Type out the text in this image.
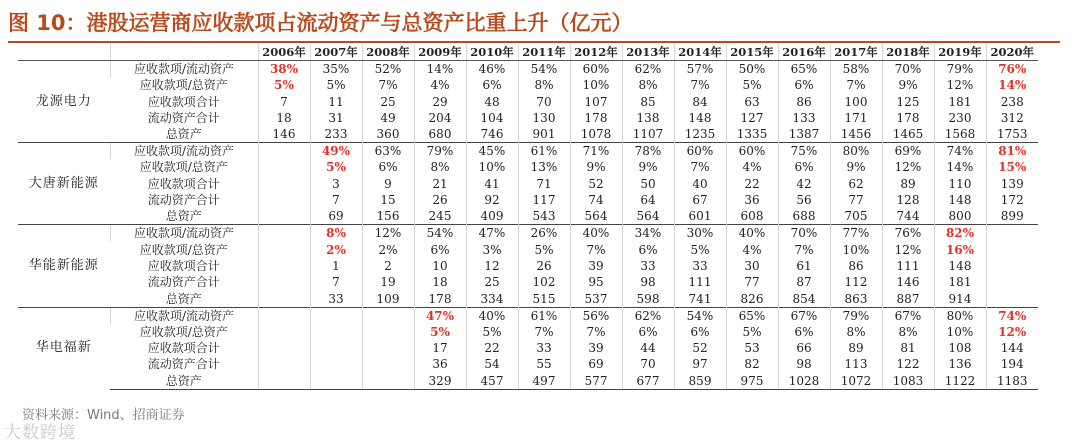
图 10：港股运营商应收款项占流动资产与总资产比重上升（亿元）
		2006年	2007年	2008年	2009年	2010年	2011年	2012年	2013年	2014年	2015年	2016年	2017年	2018年	2019年	2020年
龙源电力	应收款项/流动资产	38%	35%	52%	14%	46%	54%	60%	62%	57%	50%	65%	58%	70%	79%	76%
	应收款项/总资产	5%	5%	7%	4%	6%	8%	10%	8%	7%	5%	6%	7%	9%	12%	14%
	应收款项合计	7	11	25	29	48	70	107	85	84	63	86	100	125	181	238
	流动资产合计	18	31	49	204	104	130	178	138	148	127	133	171	178	230	312
	总资产	146	233	360	680	746	901	1078	1107	1235	1335	1387	1456	1465	1568	1753
大唐新能源	应收款项/流动资产		49%	63%	79%	45%	61%	71%	78%	60%	60%	75%	80%	69%	74%	81%
	应收款项/总资产		5%	6%	8%	10%	13%	9%	9%	7%	4%	6%	9%	12%	14%	15%
	应收款项合计		3	9	21	41	71	52	50	40	22	42	62	89	110	139
	流动资产合计		7	15	26	92	117	74	64	67	36	56	77	128	148	172
	总资产		69	156	245	409	543	564	564	601	608	688	705	744	800	899
华能新能源	应收款项/流动资产		8%	12%	54%	47%	26%	40%	34%	30%	40%	70%	77%	76%	82%	
	应收款项/总资产		2%	2%	6%	3%	5%	7%	6%	5%	4%	7%	10%	12%	16%	
	应收款项合计		1	2	10	12	26	39	33	33	30	61	86	111	148	
	流动资产合计		7	19	18	25	102	95	98	111	77	87	112	146	181	
	总资产		33	109	178	334	515	537	598	741	826	854	863	887	914	
华电福新	应收款项/流动资产				47%	40%	61%	56%	62%	54%	65%	67%	79%	67%	80%	74%
	应收款项/总资产				5%	5%	7%	7%	6%	6%	5%	6%	8%	8%	10%	12%
	应收款项合计				17	22	33	39	44	52	53	66	89	81	108	144
	流动资产合计				36	54	55	69	70	97	82	98	113	122	136	194
	总资产				329	457	497	577	677	859	975	1028	1072	1083	1122	1183
资料来源：Wind、招商证券
大数跨境
